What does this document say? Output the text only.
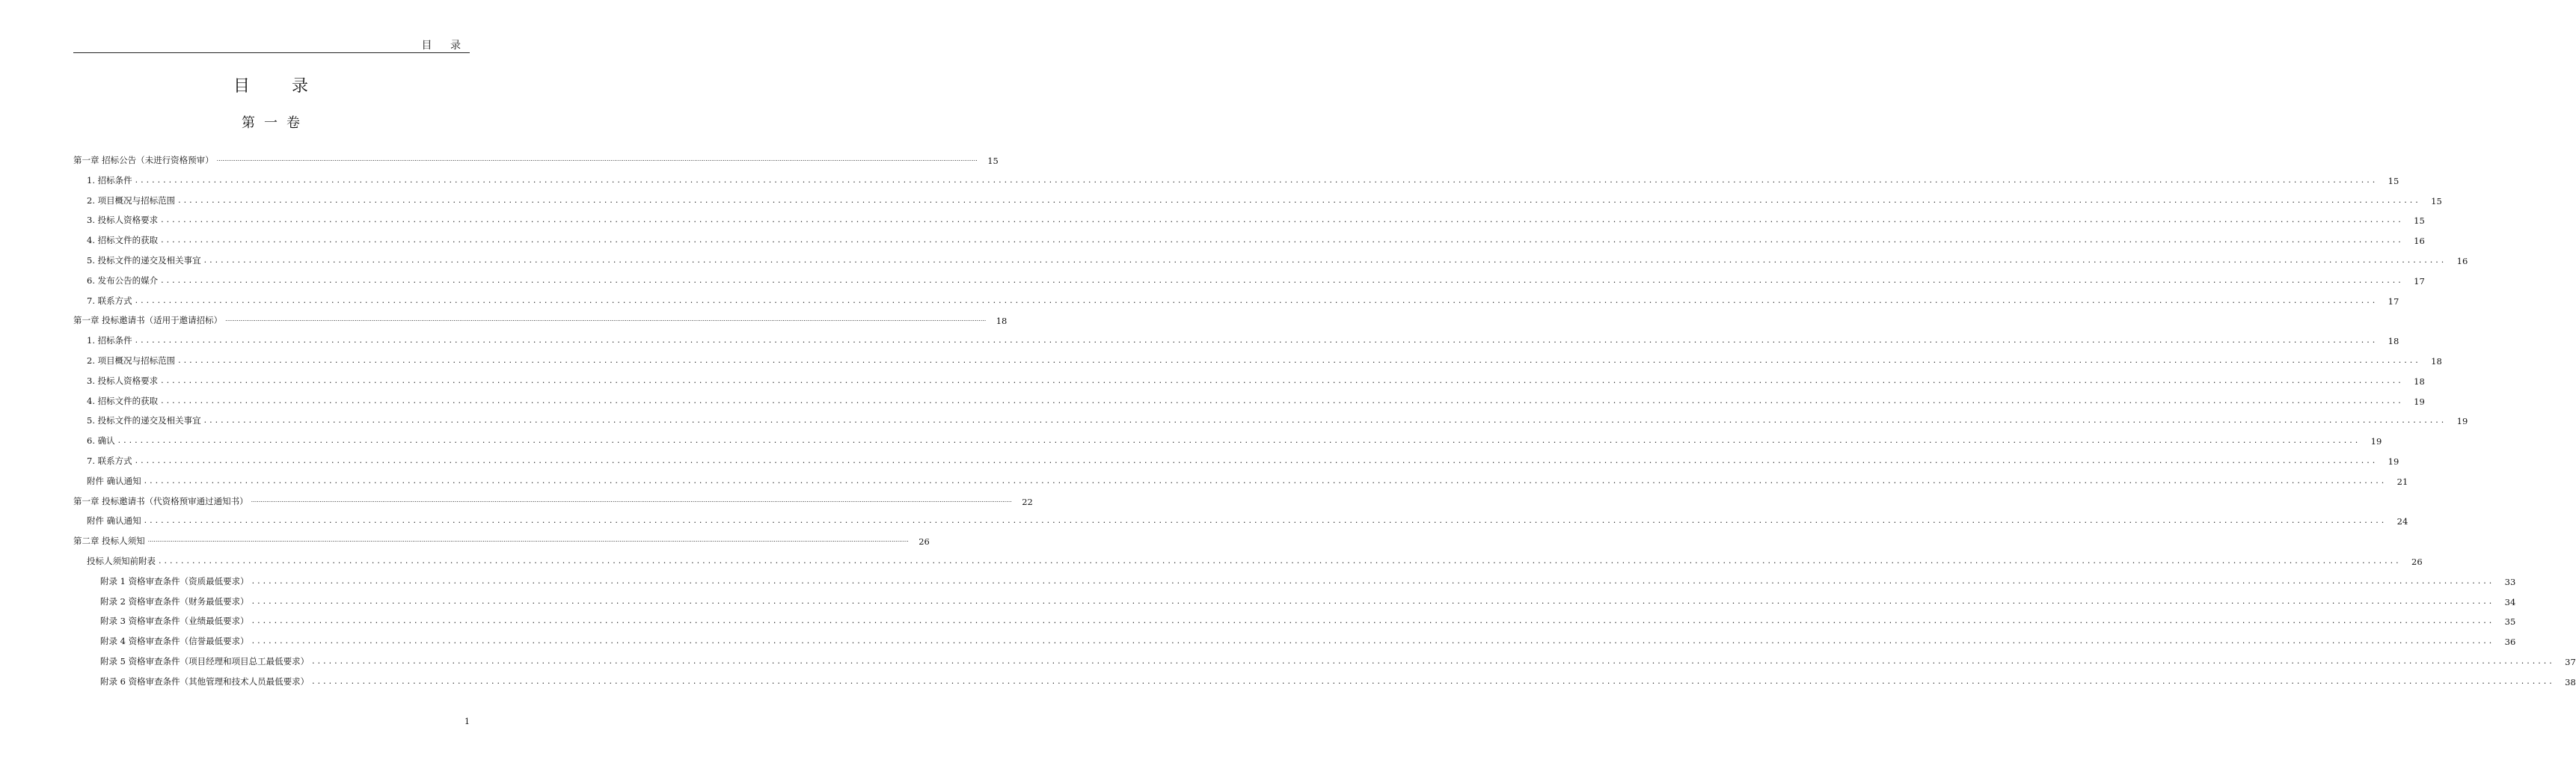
目 录
目录
第一卷
第一章 招标公告（未进行资格预审） ................................................................................................................................................................................................................................................................................................................................................................................................................	15
1. 招标条件 ................................................................................................................................................................................................................................................................................................................................................................................................................	15
2. 项目概况与招标范围 ................................................................................................................................................................................................................................................................................................................................................................................................................	15
3. 投标人资格要求 ................................................................................................................................................................................................................................................................................................................................................................................................................	15
4. 招标文件的获取 ................................................................................................................................................................................................................................................................................................................................................................................................................	16
5. 投标文件的递交及相关事宜 ................................................................................................................................................................................................................................................................................................................................................................................................................	16
6. 发布公告的媒介 ................................................................................................................................................................................................................................................................................................................................................................................................................	17
7. 联系方式 ................................................................................................................................................................................................................................................................................................................................................................................................................	17
第一章 投标邀请书（适用于邀请招标） ................................................................................................................................................................................................................................................................................................................................................................................................................	18
1. 招标条件 ................................................................................................................................................................................................................................................................................................................................................................................................................	18
2. 项目概况与招标范围 ................................................................................................................................................................................................................................................................................................................................................................................................................	18
3. 投标人资格要求 ................................................................................................................................................................................................................................................................................................................................................................................................................	18
4. 招标文件的获取 ................................................................................................................................................................................................................................................................................................................................................................................................................	19
5. 投标文件的递交及相关事宜 ................................................................................................................................................................................................................................................................................................................................................................................................................	19
6. 确认 ................................................................................................................................................................................................................................................................................................................................................................................................................	19
7. 联系方式 ................................................................................................................................................................................................................................................................................................................................................................................................................	19
附件 确认通知 ................................................................................................................................................................................................................................................................................................................................................................................................................	21
第一章 投标邀请书（代资格预审通过通知书） ................................................................................................................................................................................................................................................................................................................................................................................................................	22
附件 确认通知 ................................................................................................................................................................................................................................................................................................................................................................................................................	24
第二章 投标人须知 ................................................................................................................................................................................................................................................................................................................................................................................................................	26
投标人须知前附表 ................................................................................................................................................................................................................................................................................................................................................................................................................	26
附录 1 资格审查条件（资质最低要求） ................................................................................................................................................................................................................................................................................................................................................................................................................	33
附录 2 资格审查条件（财务最低要求） ................................................................................................................................................................................................................................................................................................................................................................................................................	34
附录 3 资格审查条件（业绩最低要求） ................................................................................................................................................................................................................................................................................................................................................................................................................	35
附录 4 资格审查条件（信誉最低要求） ................................................................................................................................................................................................................................................................................................................................................................................................................	36
附录 5 资格审查条件（项目经理和项目总工最低要求） ................................................................................................................................................................................................................................................................................................................................................................................................................	37
附录 6 资格审查条件（其他管理和技术人员最低要求） ................................................................................................................................................................................................................................................................................................................................................................................................................	38
1
